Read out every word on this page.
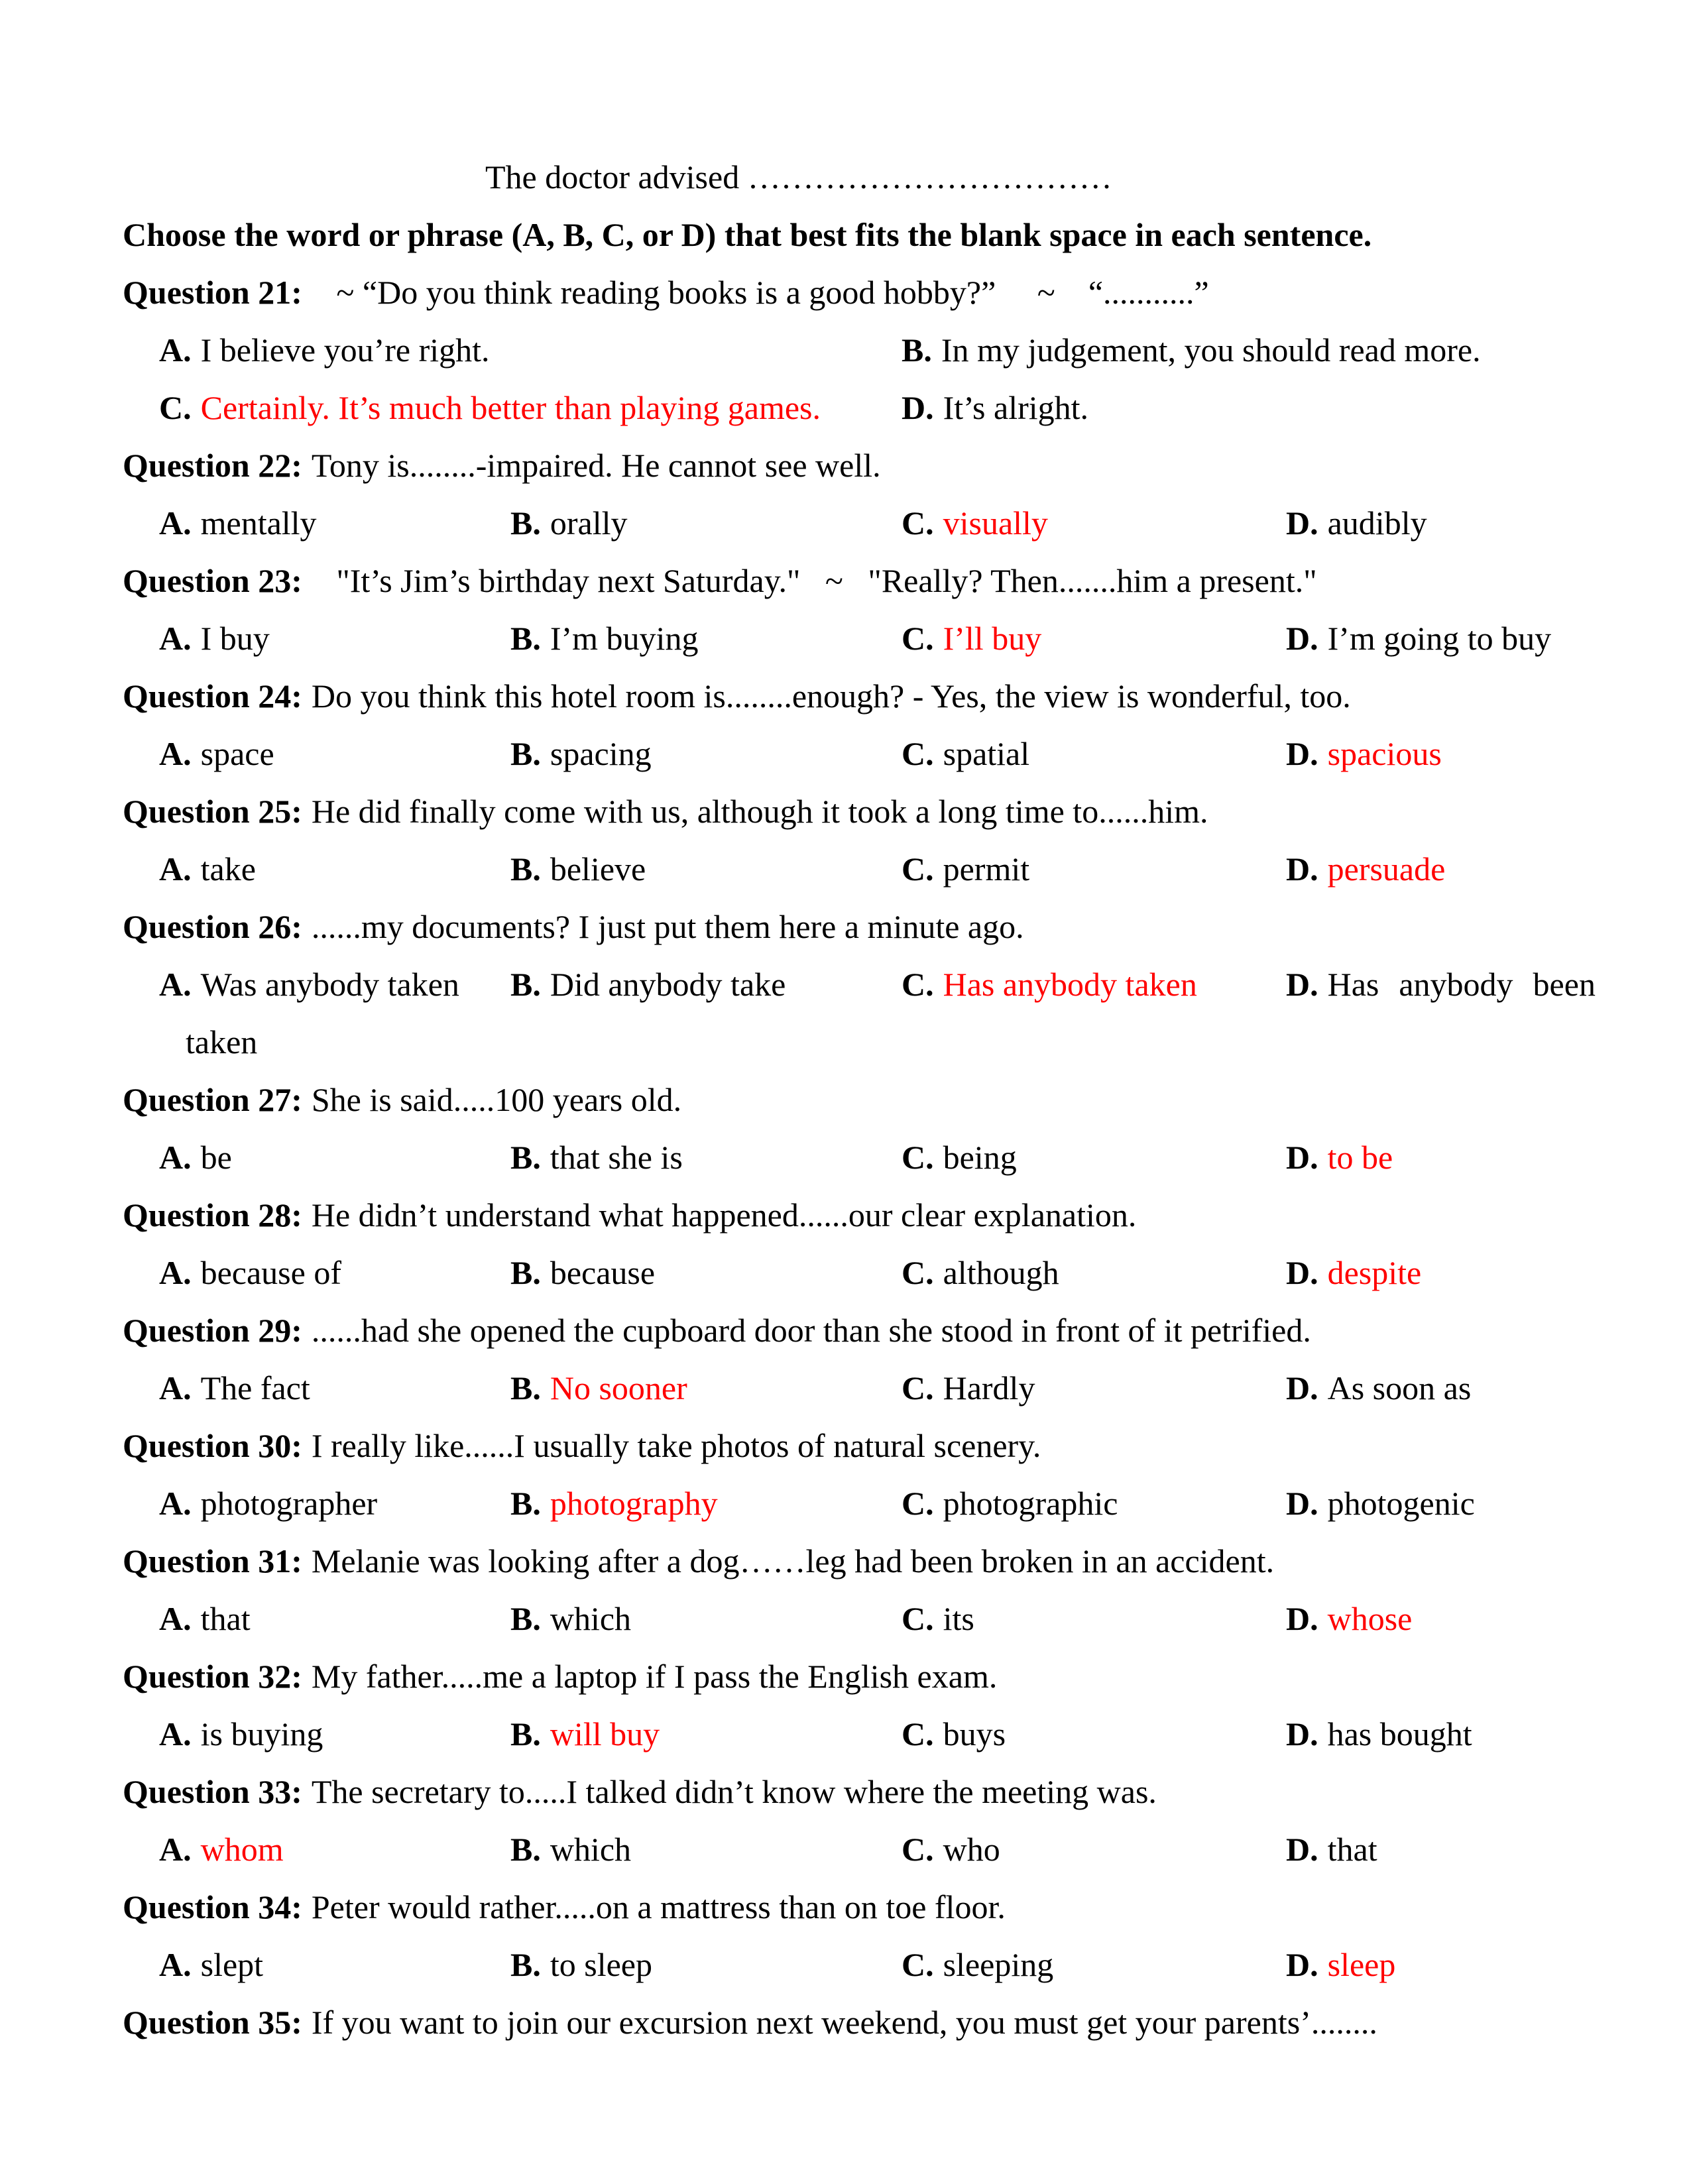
The doctor advised ……………………………
Choose the word or phrase (A, B, C, or D) that best fits the blank space in each sentence.
Question 21:   ~ “Do you think reading books is a good hobby?”     ~    “...........”
A. I believe you’re right.	B. In my judgement, you should read more.
C. Certainly. It’s much better than playing games. D. It’s alright.
Question 22: Tony is........-impaired. He cannot see well.
A. mentally	B. orally	C. visually	D. audibly
Question 23:   "It’s Jim’s birthday next Saturday."   ~   "Really? Then.......him a present."
A. I buy	B. I’m buying	C. I’ll buy	D. I’m going to buy
Question 24: Do you think this hotel room is........enough? - Yes, the view is wonderful, too.
A. space	B. spacing	C. spatial	D. spacious
Question 25: He did finally come with us, although it took a long time to......him.
A. take	B. believe	C. permit	D. persuade
Question 26: ......my documents? I just put them here a minute ago.
A. Was anybody taken B. Did anybody take	C. Has anybody taken	D. Has anybody been
taken
Question 27: She is said.....100 years old.
A. be	B. that she is	C. being	D. to be
Question 28: He didn’t understand what happened......our clear explanation.
A. because of	B. because	C. although	D. despite
Question 29: ......had she opened the cupboard door than she stood in front of it petrified.
A. The fact	B. No sooner	C. Hardly	D. As soon as
Question 30: I really like......I usually take photos of natural scenery.
A. photographer	B. photography	C. photographic	D. photogenic
Question 31: Melanie was looking after a dog……leg had been broken in an accident.
A. that	B. which	C. its	D. whose
Question 32: My father.....me a laptop if I pass the English exam.
A. is buying	B. will buy	C. buys	D. has bought
Question 33: The secretary to.....I talked didn’t know where the meeting was.
A. whom	B. which	C. who	D. that
Question 34: Peter would rather.....on a mattress than on toe floor.
A. slept	B. to sleep	C. sleeping	D. sleep
Question 35: If you want to join our excursion next weekend, you must get your parents’........
